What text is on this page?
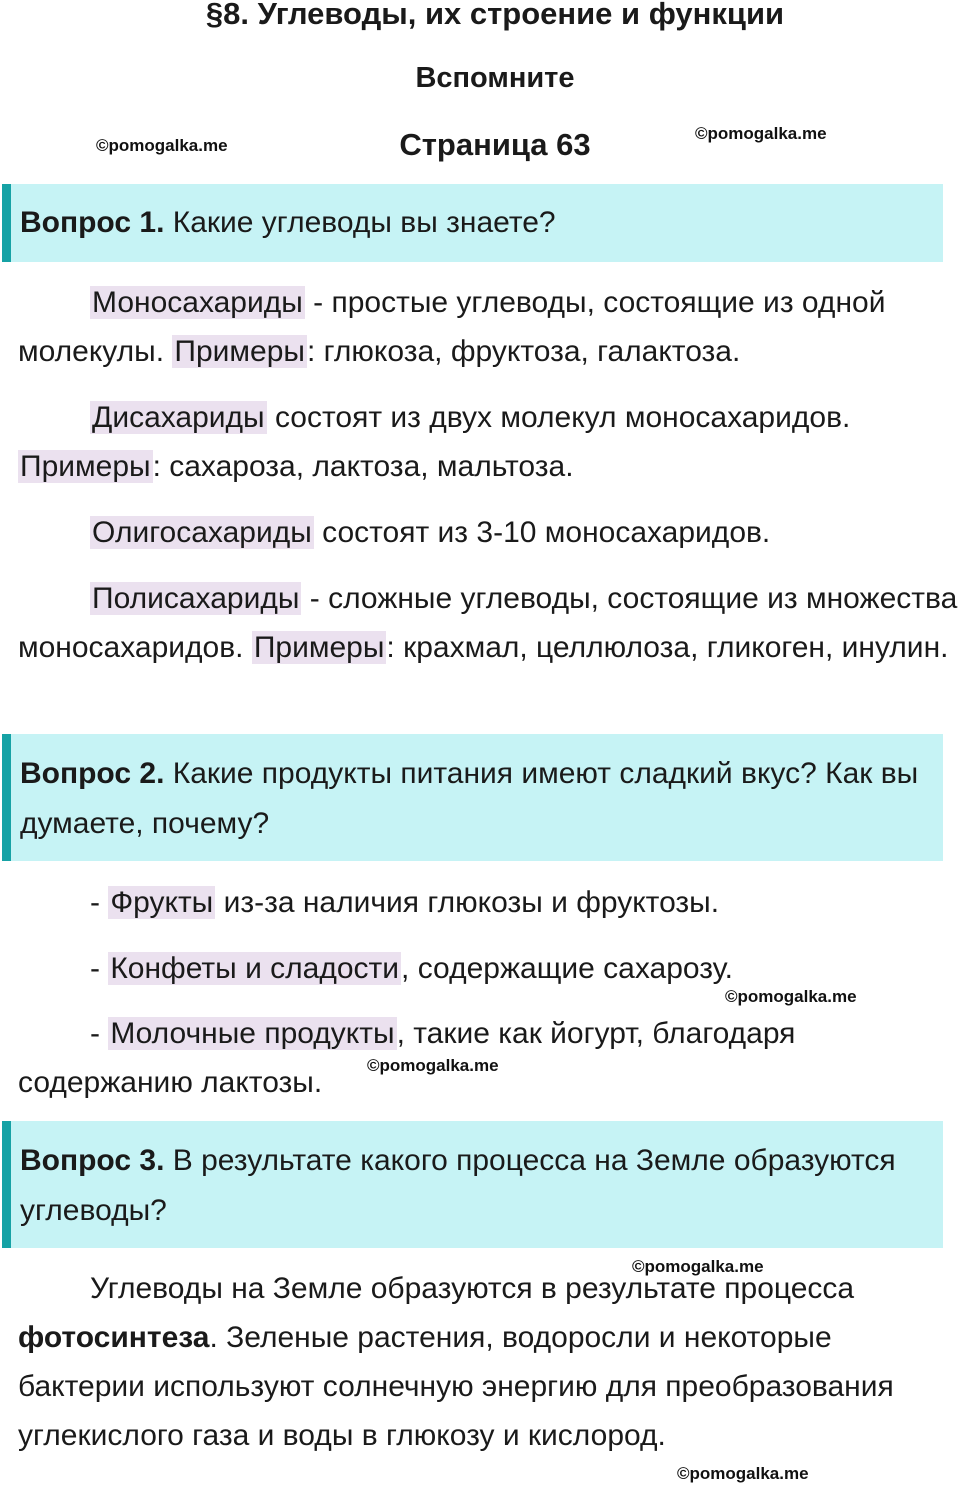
§8. Углеводы, их строение и функции
Вспомните
Страница 63
©pomogalka.me
©pomogalka.me
Вопрос 1. Какие углеводы вы знаете?
Моносахариды - простые углеводы, состоящие из одной молекулы. Примеры: глюкоза, фруктоза, галактоза.
Дисахариды состоят из двух молекул моносахаридов. Примеры: сахароза, лактоза, мальтоза.
Олигосахариды состоят из 3-10 моносахаридов.
Полисахариды - сложные углеводы, состоящие из множества моносахаридов. Примеры: крахмал, целлюлоза, гликоген, инулин.
Вопрос 2. Какие продукты питания имеют сладкий вкус? Как вы думаете, почему?
- Фрукты из-за наличия глюкозы и фруктозы.
- Конфеты и сладости, содержащие сахарозу.
©pomogalka.me
- Молочные продукты, такие как йогурт, благодаря содержанию лактозы.
©pomogalka.me
Вопрос 3. В результате какого процесса на Земле образуются углеводы?
©pomogalka.me
Углеводы на Земле образуются в результате процесса фотосинтеза. Зеленые растения, водоросли и некоторые бактерии используют солнечную энергию для преобразования углекислого газа и воды в глюкозу и кислород.
©pomogalka.me
